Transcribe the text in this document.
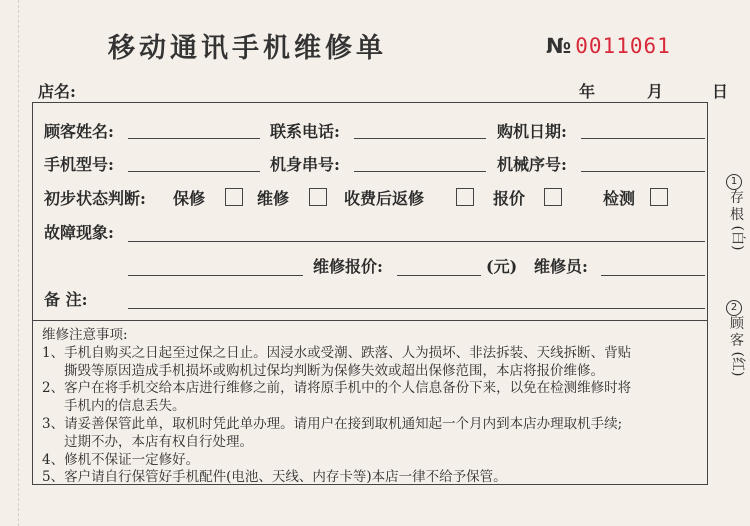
移动通讯手机维修单	№ 0011061
店名:	年	月	日
顾客姓名:	联系电话:	购机日期:
手机型号:	机身串号:	机械序号:
初步状态判断: 保修	维修	收费后返修	报价	检测
故障现象:
维修报价:	(元) 维修员:
备 注:
维修注意事项:
1、手机自购买之日起至过保之日止。因浸水或受潮、跌落、人为损坏、非法拆装、天线拆断、背贴
撕毁等原因造成手机损坏或购机过保均判断为保修失效或超出保修范围，本店将报价维修。
2、客户在将手机交给本店进行维修之前，请将原手机中的个人信息备份下来，以免在检测维修时将
手机内的信息丢失。
3、请妥善保管此单，取机时凭此单办理。请用户在接到取机通知起一个月内到本店办理取机手续;
过期不办，本店有权自行处理。
4、修机不保证一定修好。
5、客户请自行保管好手机配件(电池、天线、内存卡等)本店一律不给予保管。
1
存
根
(白)
2
顾
客
(红)
